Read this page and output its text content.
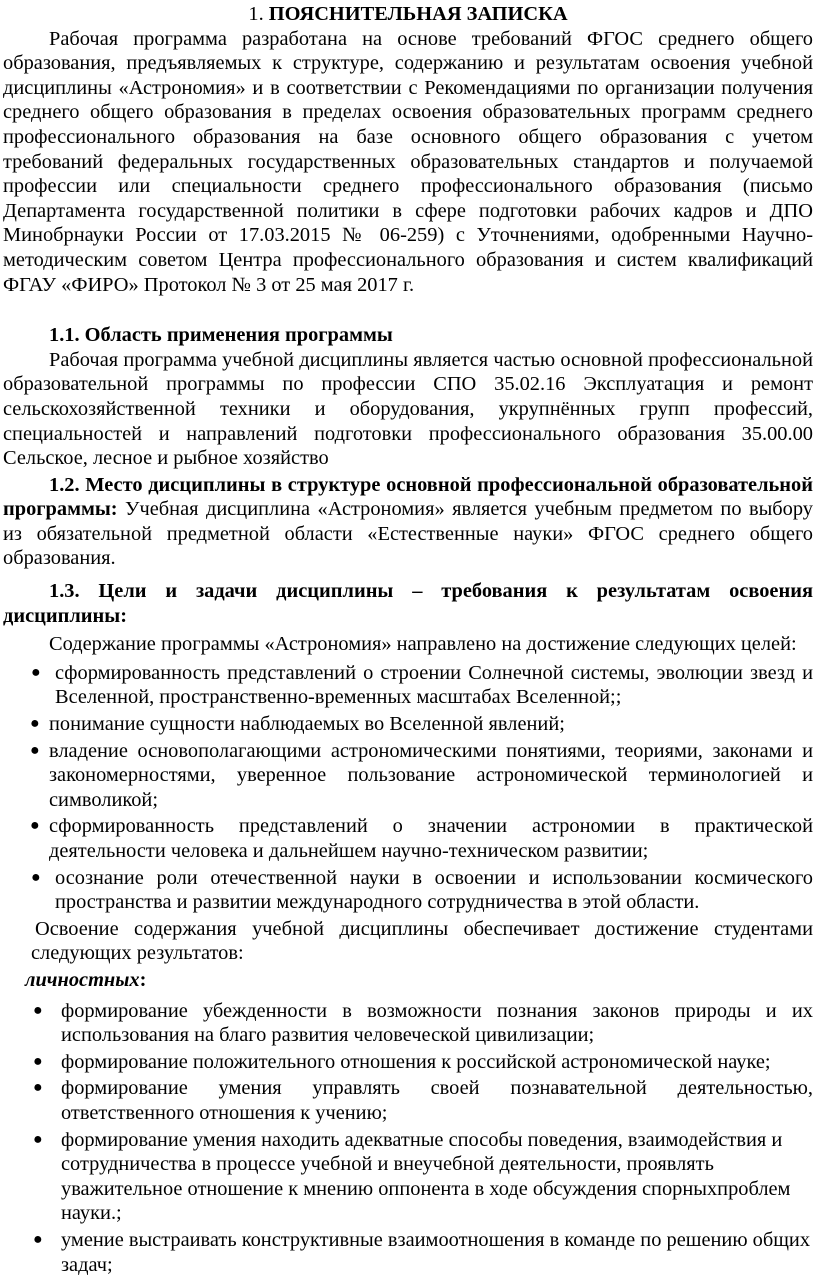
1. ПОЯСНИТЕЛЬНАЯ ЗАПИСКА

Рабочая программа разработана на основе требований ФГОС среднего общего образования, предъявляемых к структуре, содержанию и результатам освоения учебной дисциплины «Астрономия» и в соответствии с Рекомендациями по организации получения среднего общего образования в пределах освоения образовательных программ среднего профессионального образования на базе основного общего образования с учетом требований федеральных государственных образовательных стандартов и получаемой профессии или специальности среднего профессионального образования (письмо Департамента государственной политики в сфере подготовки рабочих кадров и ДПО Минобрнауки России от 17.03.2015 № 06-259) с Уточнениями, одобренными Научно-методическим советом Центра профессионального образования и систем квалификаций ФГАУ «ФИРО» Протокол № 3 от 25 мая 2017 г.

1.1. Область применения программы

Рабочая программа учебной дисциплины является частью основной профессиональной образовательной программы по профессии СПО 35.02.16 Эксплуатация и ремонт сельскохозяйственной техники и оборудования, укрупнённых групп профессий, специальностей и направлений подготовки профессионального образования 35.00.00 Сельское, лесное и рыбное хозяйство

1.2. Место дисциплины в структуре основной профессиональной образовательной программы: Учебная дисциплина «Астрономия» является учебным предметом по выбору из обязательной предметной области «Естественные науки» ФГОС среднего общего образования.

1.3. Цели и задачи дисциплины – требования к результатам освоения дисциплины:

Содержание программы «Астрономия» направлено на достижение следующих целей:

● сформированность представлений о строении Солнечной системы, эволюции звезд и Вселенной, пространственно-временных масштабах Вселенной;;
● понимание сущности наблюдаемых во Вселенной явлений;
● владение основополагающими астрономическими понятиями, теориями, законами и закономерностями, уверенное пользование астрономической терминологией и символикой;
● сформированность представлений о значении астрономии в практической деятельности человека и дальнейшем научно-техническом развитии;
● осознание роли отечественной науки в освоении и использовании космического пространства и развитии международного сотрудничества в этой области.

Освоение содержания учебной дисциплины обеспечивает достижение студентами следующих результатов:

личностных:

● формирование убежденности в возможности познания законов природы и их использования на благо развития человеческой цивилизации;
● формирование положительного отношения к российской астрономической науке;
● формирование умения управлять своей познавательной деятельностью, ответственного отношения к учению;
● формирование умения находить адекватные способы поведения, взаимодействия и сотрудничества в процессе учебной и внеучебной деятельности, проявлять уважительное отношение к мнению оппонента в ходе обсуждения спорныхпроблем науки.;
● умение выстраивать конструктивные взаимоотношения в команде по решению общих задач;
